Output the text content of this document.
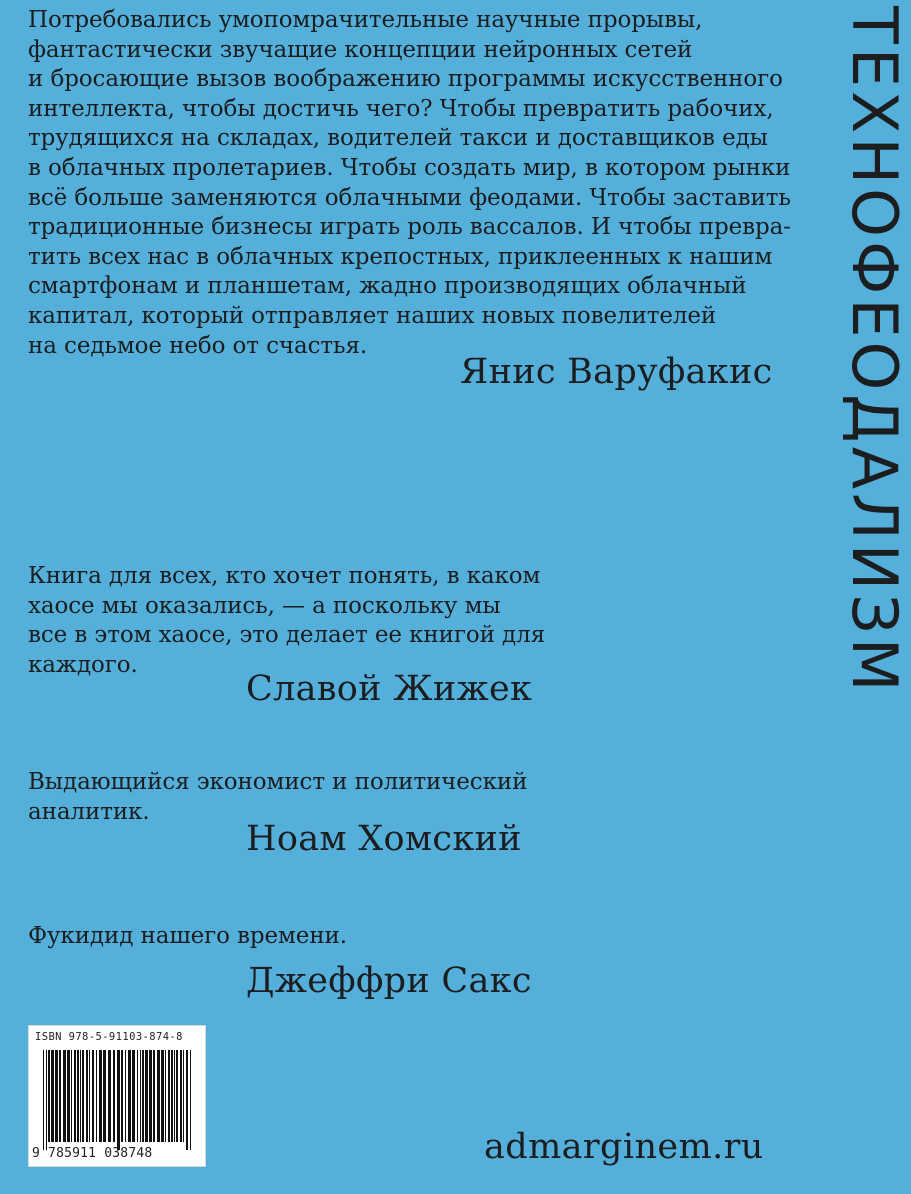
ТЕХНОФЕОДАЛИЗМ

Потребовались умопомрачительные научные прорывы,
фантастически звучащие концепции нейронных сетей
и бросающие вызов воображению программы искусственного
интеллекта, чтобы достичь чего? Чтобы превратить рабочих,
трудящихся на складах, водителей такси и доставщиков еды
в облачных пролетариев. Чтобы создать мир, в котором рынки
всё больше заменяются облачными феодами. Чтобы заставить
традиционные бизнесы играть роль вассалов. И чтобы превра-
тить всех нас в облачных крепостных, приклеенных к нашим
смартфонам и планшетам, жадно производящих облачный
капитал, который отправляет наших новых повелителей
на седьмое небо от счастья.

Янис Варуфакис

Книга для всех, кто хочет понять, в каком
хаосе мы оказались, — а поскольку мы
все в этом хаосе, это делает ее книгой для
каждого.

Славой Жижек

Выдающийся экономист и политический
аналитик.

Ноам Хомский

Фукидид нашего времени.

Джеффри Сакс
ISBN 978-5-91103-874-8
9 785911 038748	admarginem.ru
